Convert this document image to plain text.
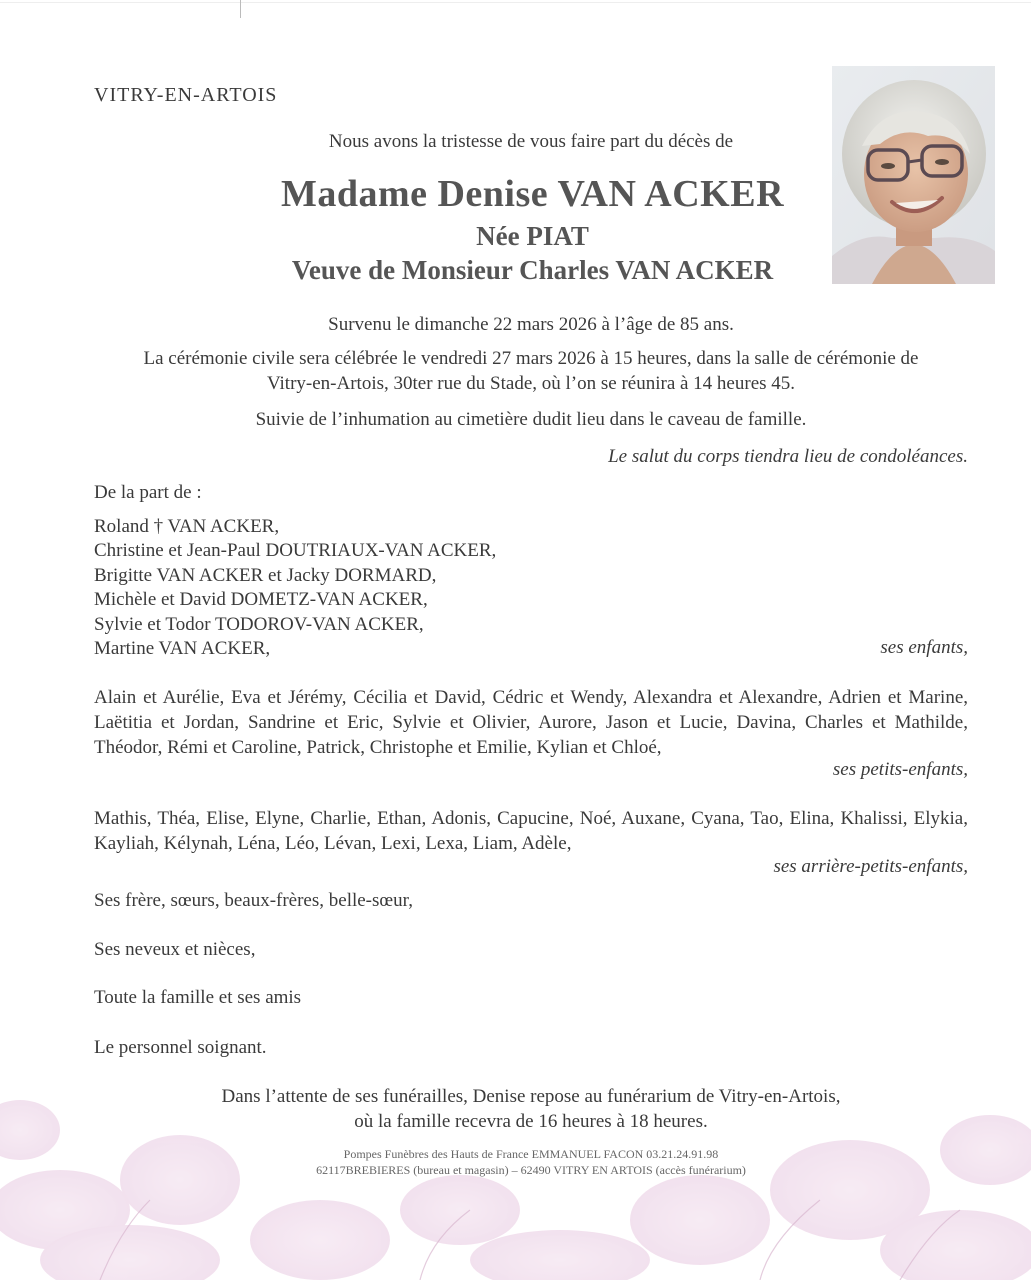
VITRY-EN-ARTOIS
Nous avons la tristesse de vous faire part du décès de
Madame Denise VAN ACKER
Née PIAT
Veuve de Monsieur Charles VAN ACKER
Survenu le dimanche 22 mars 2026 à l’âge de 85 ans.
La cérémonie civile sera célébrée le vendredi 27 mars 2026 à 15 heures, dans la salle de cérémonie de
Vitry-en-Artois, 30ter rue du Stade, où l’on se réunira à 14 heures 45.
Suivie de l’inhumation au cimetière dudit lieu dans le caveau de famille.
Le salut du corps tiendra lieu de condoléances.
De la part de :
Roland † VAN ACKER,
Christine et Jean-Paul DOUTRIAUX-VAN ACKER,
Brigitte VAN ACKER et Jacky DORMARD,
Michèle et David DOMETZ-VAN ACKER,
Sylvie et Todor TODOROV-VAN ACKER,
Martine VAN ACKER,	ses enfants,
Alain et Aurélie, Eva et Jérémy, Cécilia et David, Cédric et Wendy, Alexandra et Alexandre, Adrien et Marine, Laëtitia et Jordan, Sandrine et Eric, Sylvie et Olivier, Aurore, Jason et Lucie, Davina, Charles et Mathilde, Théodor, Rémi et Caroline, Patrick, Christophe et Emilie, Kylian et Chloé,
ses petits-enfants,
Mathis, Théa, Elise, Elyne, Charlie, Ethan, Adonis, Capucine, Noé, Auxane, Cyana, Tao, Elina, Khalissi, Elykia, Kayliah, Kélynah, Léna, Léo, Lévan, Lexi, Lexa, Liam, Adèle,
ses arrière-petits-enfants,
Ses frère, sœurs, beaux-frères, belle-sœur,
Ses neveux et nièces,
Toute la famille et ses amis
Le personnel soignant.
Dans l’attente de ses funérailles, Denise repose au funérarium de Vitry-en-Artois,
où la famille recevra de 16 heures à 18 heures.
Pompes Funèbres des Hauts de France EMMANUEL FACON 03.21.24.91.98
62117BREBIERES (bureau et magasin) – 62490 VITRY EN ARTOIS (accès funérarium)
